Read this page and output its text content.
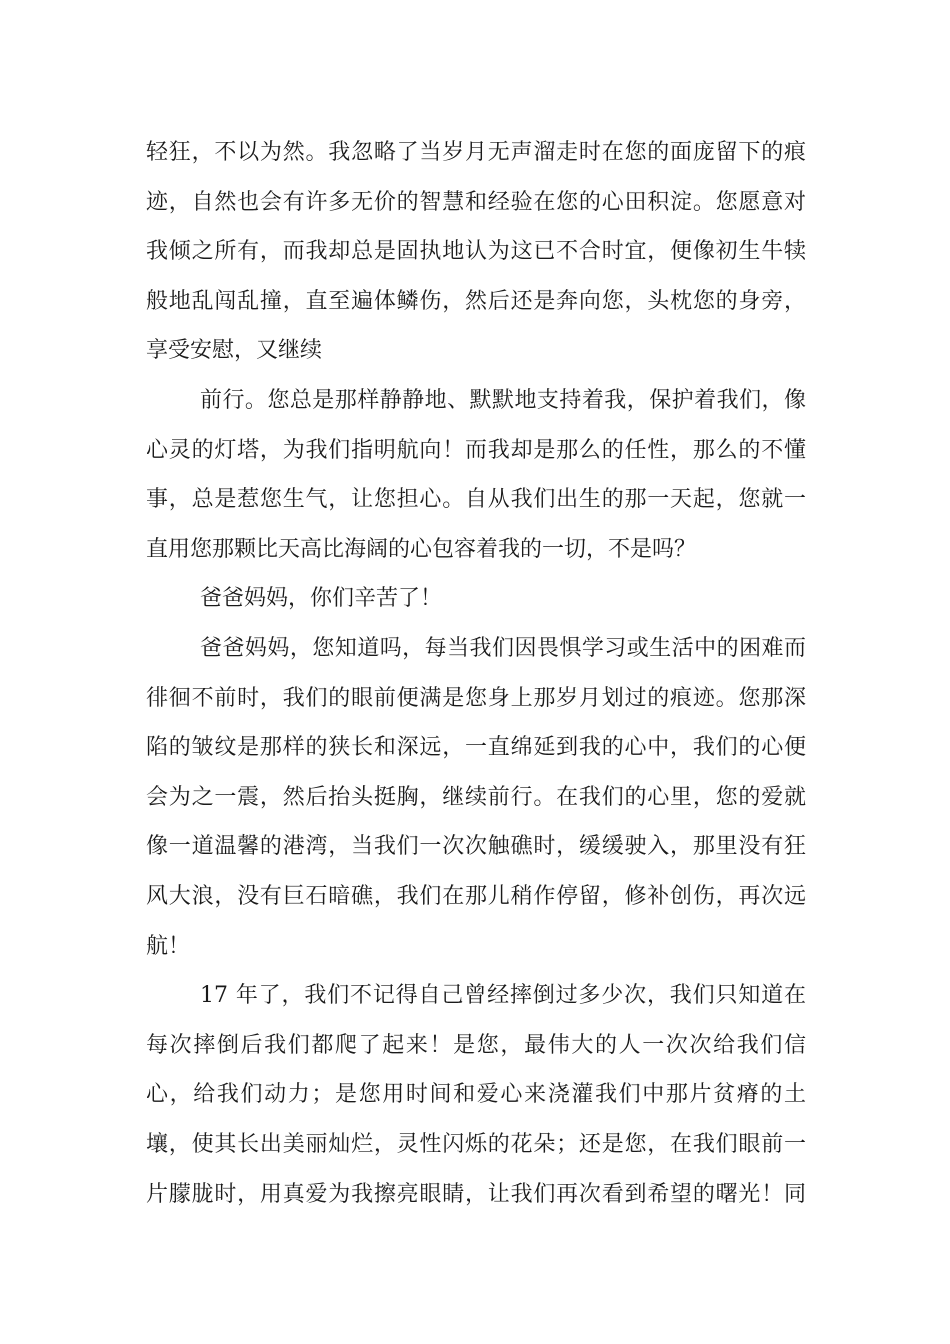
轻狂，不以为然。我忽略了当岁月无声溜走时在您的面庞留下的痕
迹，自然也会有许多无价的智慧和经验在您的心田积淀。您愿意对
我倾之所有，而我却总是固执地认为这已不合时宜，便像初生牛犊
般地乱闯乱撞，直至遍体鳞伤，然后还是奔向您，头枕您的身旁，
享受安慰，又继续
前行。您总是那样静静地、默默地支持着我，保护着我们，像
心灵的灯塔，为我们指明航向！而我却是那么的任性，那么的不懂
事，总是惹您生气，让您担心。自从我们出生的那一天起，您就一
直用您那颗比天高比海阔的心包容着我的一切，不是吗？
爸爸妈妈，你们辛苦了！
爸爸妈妈，您知道吗，每当我们因畏惧学习或生活中的困难而
徘徊不前时，我们的眼前便满是您身上那岁月划过的痕迹。您那深
陷的皱纹是那样的狭长和深远，一直绵延到我的心中，我们的心便
会为之一震，然后抬头挺胸，继续前行。在我们的心里，您的爱就
像一道温馨的港湾，当我们一次次触礁时，缓缓驶入，那里没有狂
风大浪，没有巨石暗礁，我们在那儿稍作停留，修补创伤，再次远
航！
17 年了，我们不记得自己曾经摔倒过多少次，我们只知道在
每次摔倒后我们都爬了起来！是您，最伟大的人一次次给我们信
心，给我们动力；是您用时间和爱心来浇灌我们中那片贫瘠的土
壤，使其长出美丽灿烂，灵性闪烁的花朵；还是您，在我们眼前一
片朦胧时，用真爱为我擦亮眼睛，让我们再次看到希望的曙光！同
